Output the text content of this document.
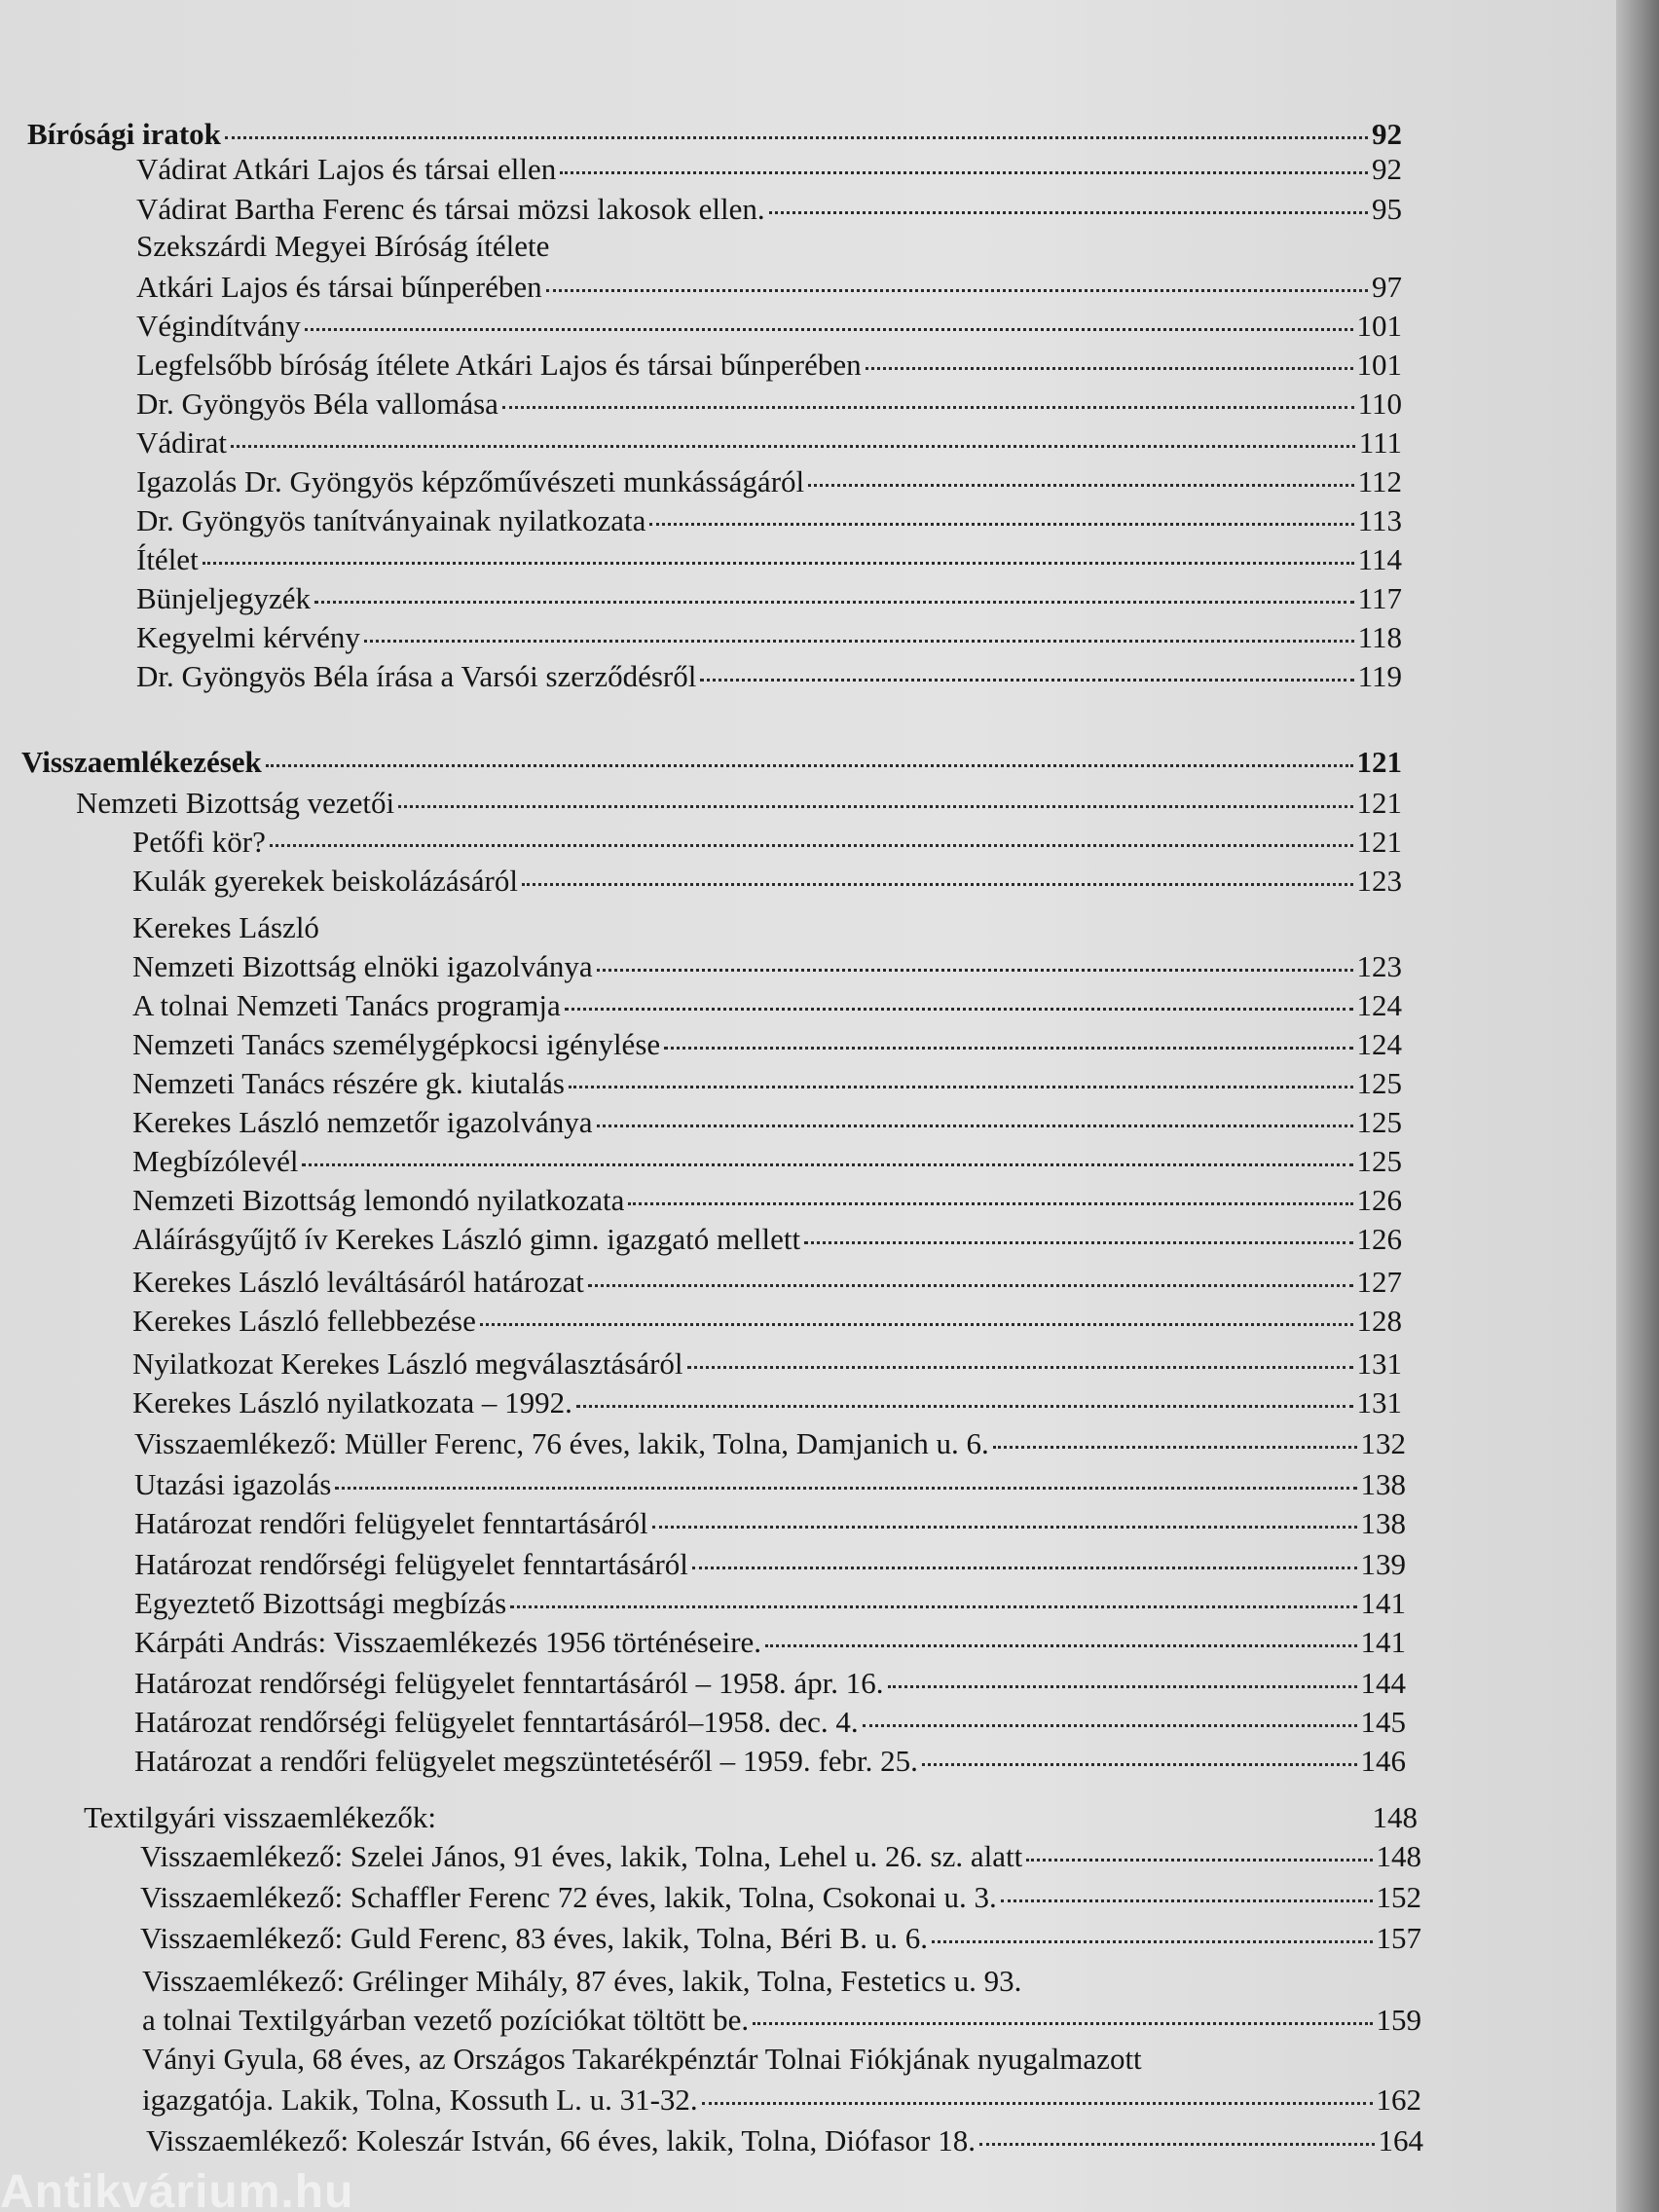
Bírósági iratok	92
Vádirat Atkári Lajos és társai ellen	92
Vádirat Bartha Ferenc és társai mözsi lakosok ellen.	95
Szekszárdi Megyei Bíróság ítélete
Atkári Lajos és társai bűnperében	97
Végindítvány	101
Legfelsőbb bíróság ítélete Atkári Lajos és társai bűnperében	101
Dr. Gyöngyös Béla vallomása	110
Vádirat	111
Igazolás Dr. Gyöngyös képzőművészeti munkásságáról	112
Dr. Gyöngyös tanítványainak nyilatkozata	113
Ítélet	114
Bünjeljegyzék	117
Kegyelmi kérvény	118
Dr. Gyöngyös Béla írása a Varsói szerződésről	119
Visszaemlékezések	121
Nemzeti Bizottság vezetői	121
Petőfi kör?	121
Kulák gyerekek beiskolázásáról	123
Kerekes László
Nemzeti Bizottság elnöki igazolványa	123
A tolnai Nemzeti Tanács programja	124
Nemzeti Tanács személygépkocsi igénylése	124
Nemzeti Tanács részére gk. kiutalás	125
Kerekes László nemzetőr igazolványa	125
Megbízólevél	125
Nemzeti Bizottság lemondó nyilatkozata	126
Aláírásgyűjtő ív Kerekes László gimn. igazgató mellett	126
Kerekes László leváltásáról határozat	127
Kerekes László fellebbezése	128
Nyilatkozat Kerekes László megválasztásáról	131
Kerekes László nyilatkozata – 1992.	131
Visszaemlékező: Müller Ferenc, 76 éves, lakik, Tolna, Damjanich u. 6.	132
Utazási igazolás	138
Határozat rendőri felügyelet fenntartásáról	138
Határozat rendőrségi felügyelet fenntartásáról	139
Egyeztető Bizottsági megbízás	141
Kárpáti András: Visszaemlékezés 1956 történéseire.	141
Határozat rendőrségi felügyelet fenntartásáról – 1958. ápr. 16.	144
Határozat rendőrségi felügyelet fenntartásáról–1958. dec. 4.	145
Határozat a rendőri felügyelet megszüntetéséről – 1959. febr. 25.	146
Textilgyári visszaemlékezők:	148
Visszaemlékező: Szelei János, 91 éves, lakik, Tolna, Lehel u. 26. sz. alatt	148
Visszaemlékező: Schaffler Ferenc 72 éves, lakik, Tolna, Csokonai u. 3.	152
Visszaemlékező: Guld Ferenc, 83 éves, lakik, Tolna, Béri B. u. 6.	157
Visszaemlékező: Grélinger Mihály, 87 éves, lakik, Tolna, Festetics u. 93.
a tolnai Textilgyárban vezető pozíciókat töltött be.	159
Ványi Gyula, 68 éves, az Országos Takarékpénztár Tolnai Fiókjának nyugalmazott
igazgatója. Lakik, Tolna, Kossuth L. u. 31-32.	162
Visszaemlékező: Koleszár István, 66 éves, lakik, Tolna, Diófasor 18.	164
Antikvárium.hu
